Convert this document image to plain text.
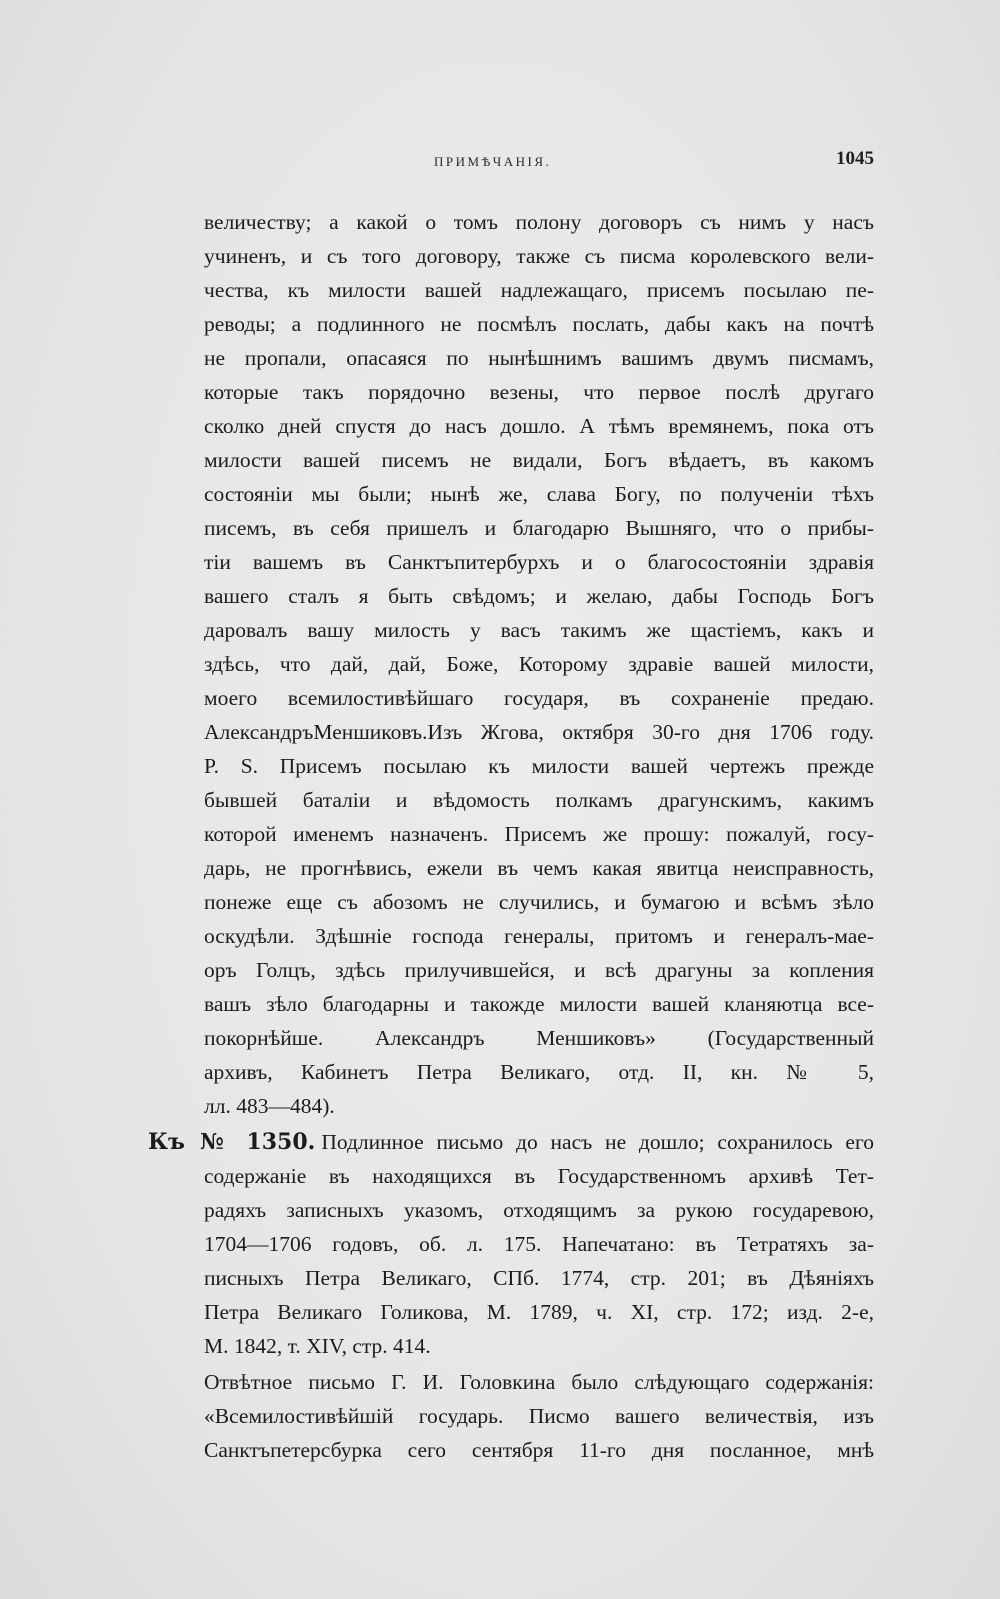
ПРИМѢЧАНІЯ.	1045
величеству; а какой о томъ полону договоръ съ нимъ у насъ
учиненъ, и съ того договору, также съ писма королевского вели-
чества, къ милости вашей надлежащаго, присемъ посылаю пе-
реводы; а подлинного не посмѣлъ послать, дабы какъ на почтѣ
не пропали, опасаяся по нынѣшнимъ вашимъ двумъ писмамъ,
которые такъ порядочно везены, что первое послѣ другаго
сколко дней спустя до насъ дошло. А тѣмъ времянемъ, пока отъ
милости вашей писемъ не видали, Богъ вѣдаетъ, въ какомъ
состояніи мы были; нынѣ же, слава Богу, по полученіи тѣхъ
писемъ, въ себя пришелъ и благодарю Вышняго, что о прибы-
тіи вашемъ въ Санктъпитербурхъ и о благосостояніи здравія
вашего сталъ я быть свѣдомъ; и желаю, дабы Господь Богъ
даровалъ вашу милость у васъ такимъ же щастіемъ, какъ и
здѣсь, что дай, дай, Боже, Которому здравіе вашей милости,
моего всемилостивѣйшаго государя, въ сохраненіе предаю.
АлександръМеншиковъ.Изъ Жгова, октября 30-го дня 1706 году.
P. S. Присемъ посылаю къ милости вашей чертежъ прежде
бывшей баталіи и вѣдомость полкамъ драгунскимъ, какимъ
которой именемъ назначенъ. Присемъ же прошу: пожалуй, госу-
дарь, не прогнѣвись, ежели въ чемъ какая явитца неисправность,
понеже еще съ абозомъ не случились, и бумагою и всѣмъ зѣло
оскудѣли. Здѣшніе господа генералы, притомъ и генералъ-мае-
оръ Голцъ, здѣсь прилучившейся, и всѣ драгуны за копления
вашъ зѣло благодарны и такожде милости вашей кланяютца все-
покорнѣйше. Александръ Меншиковъ» (Государственный
архивъ, Кабинетъ Петра Великаго, отд. II, кн. № 5,
лл. 483—484).
Къ № 1350. Подлинное письмо до насъ не дошло; сохранилось его
содержаніе въ находящихся въ Государственномъ архивѣ Тет-
радяхъ записныхъ указомъ, отходящимъ за рукою государевою,
1704—1706 годовъ, об. л. 175. Напечатано: въ Тетратяхъ за-
писныхъ Петра Великаго, СПб. 1774, стр. 201; въ Дѣяніяхъ
Петра Великаго Голикова, М. 1789, ч. XI, стр. 172; изд. 2-е,
М. 1842, т. XIV, стр. 414.
Отвѣтное письмо Г. И. Головкина было слѣдующаго содержанія:
«Всемилостивѣйшій государь. Писмо вашего величествія, изъ
Санктъпетерсбурка сего сентября 11-го дня посланное, мнѣ
